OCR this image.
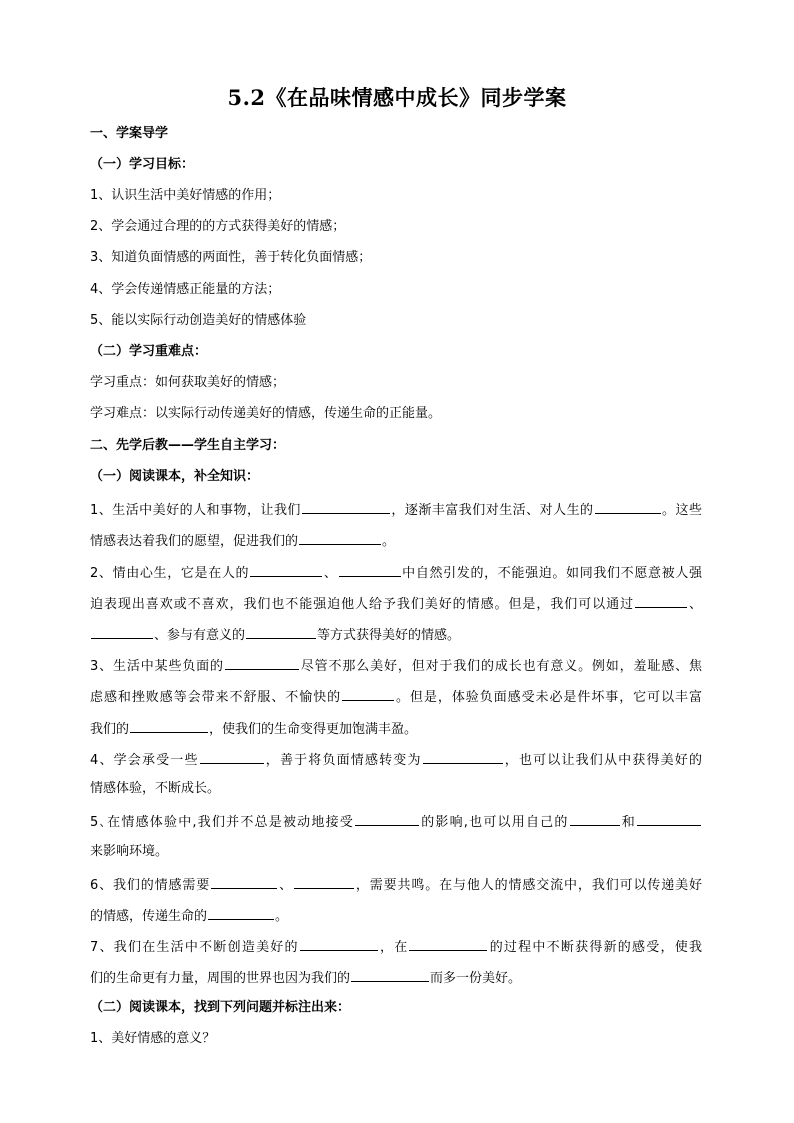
5.2《在品味情感中成长》同步学案
一、学案导学
（一）学习目标：
1、认识生活中美好情感的作用；
2、学会通过合理的的方式获得美好的情感；
3、知道负面情感的两面性，善于转化负面情感；
4、学会传递情感正能量的方法；
5、能以实际行动创造美好的情感体验
（二）学习重难点：
学习重点：如何获取美好的情感；
学习难点：以实际行动传递美好的情感，传递生命的正能量。
二、先学后教——学生自主学习：
（一）阅读课本，补全知识：
1、生活中美好的人和事物，让我们	，逐渐丰富我们对生活、对人生的	。这些
情感表达着我们的愿望，促进我们的	。
2、情由心生，它是在人的	、	中自然引发的，不能强迫。如同我们不愿意被人强
迫表现出喜欢或不喜欢，我们也不能强迫他人给予我们美好的情感。但是，我们可以通过	、
、参与有意义的	等方式获得美好的情感。
3、生活中某些负面的	尽管不那么美好，但对于我们的成长也有意义。例如，羞耻感、焦
虑感和挫败感等会带来不舒服、不愉快的	。但是，体验负面感受未必是件坏事，它可以丰富
我们的	，使我们的生命变得更加饱满丰盈。
4、学会承受一些	，善于将负面情感转变为	，也可以让我们从中获得美好的
情感体验，不断成长。
5､在情感体验中,我们并不总是被动地接受	的影响,也可以用自己的	和
来影响环境。
6、我们的情感需要	、	，需要共鸣。在与他人的情感交流中，我们可以传递美好
的情感，传递生命的	。
7、我们在生活中不断创造美好的	，在	的过程中不断获得新的感受，使我
们的生命更有力量，周围的世界也因为我们的	而多一份美好。
（二）阅读课本，找到下列问题并标注出来：
1、美好情感的意义？
